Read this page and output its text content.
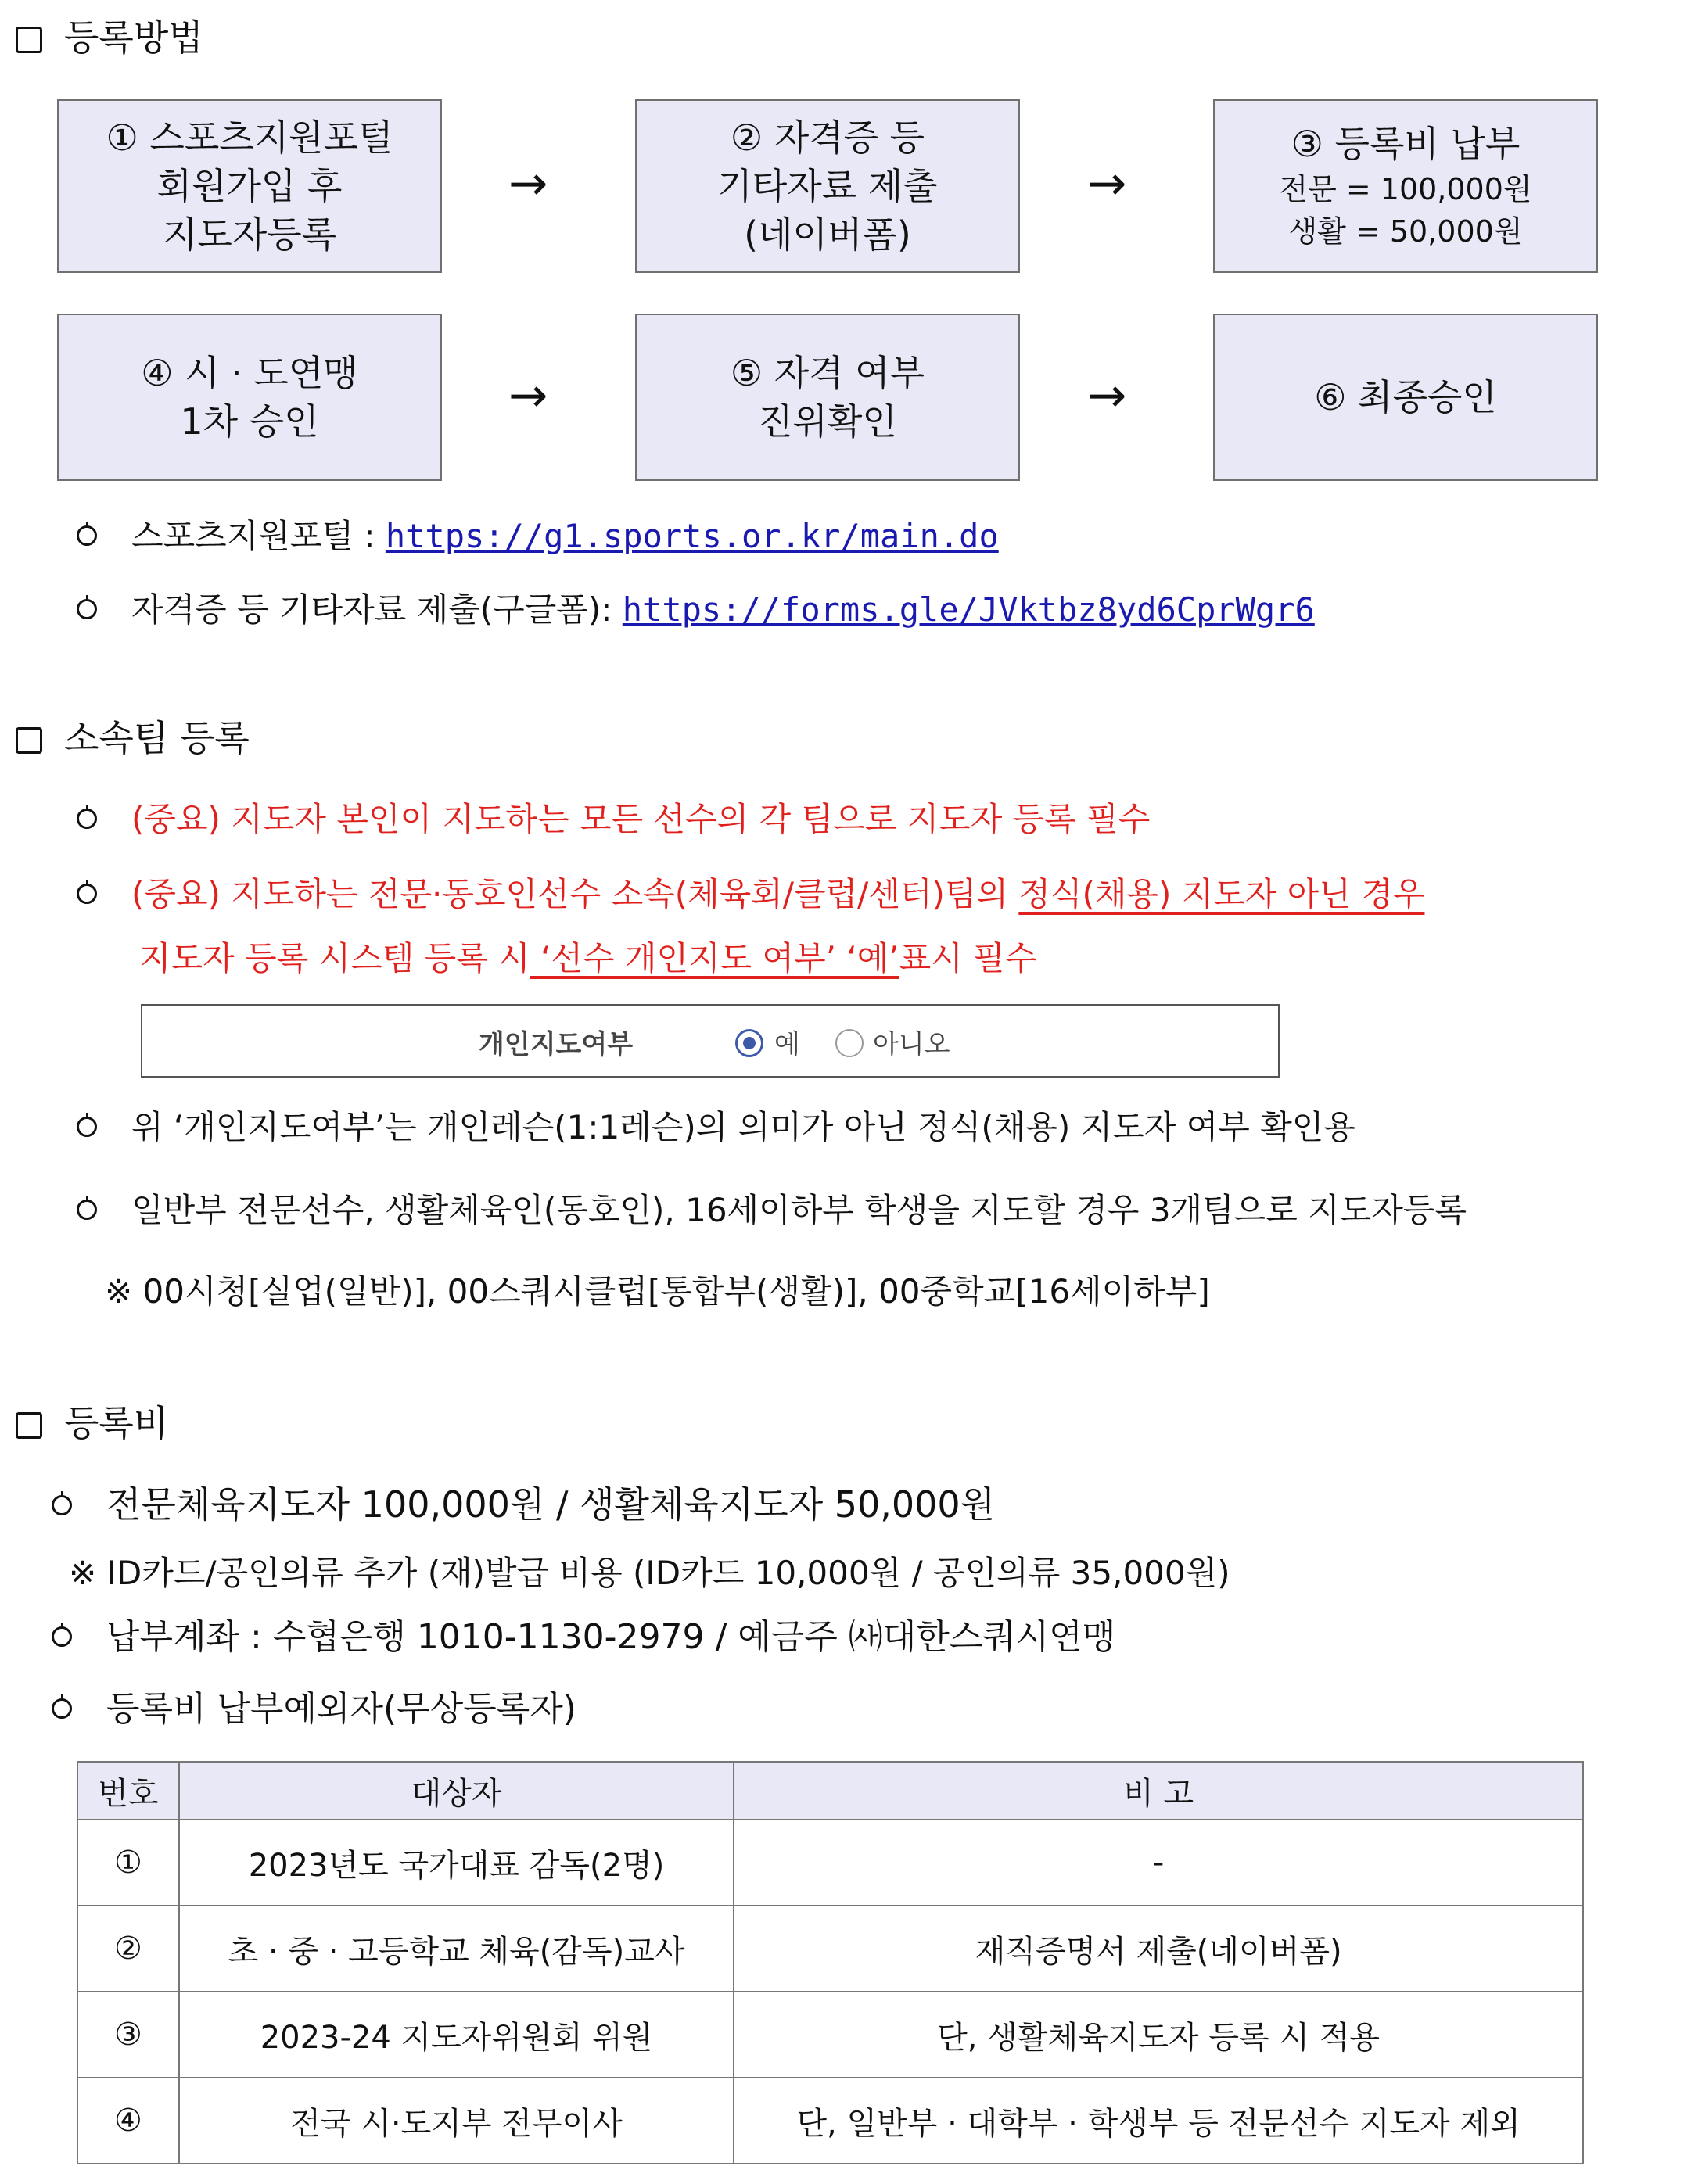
등록방법
① 스포츠지원포털
회원가입 후
지도자등록
→
② 자격증 등
기타자료 제출
(네이버폼)
→
③ 등록비 납부
전문 = 100,000원
생활 = 50,000원
④ 시 · 도연맹
1차 승인	→	⑤ 자격 여부
진위확인	→	⑥ 최종승인
스포츠지원포털 : https://g1.sports.or.kr/main.do
자격증 등 기타자료 제출(구글폼): https://forms.gle/JVktbz8yd6CprWgr6
소속팀 등록
(중요) 지도자 본인이 지도하는 모든 선수의 각 팀으로 지도자 등록 필수
(중요) 지도하는 전문·동호인선수 소속(체육회/클럽/센터)팀의 정식(채용) 지도자 아닌 경우
지도자 등록 시스템 등록 시 ‘선수 개인지도 여부’ ‘예’표시 필수
개인지도여부	예	아니오
위 ‘개인지도여부’는 개인레슨(1:1레슨)의 의미가 아닌 정식(채용) 지도자 여부 확인용
일반부 전문선수, 생활체육인(동호인), 16세이하부 학생을 지도할 경우 3개팀으로 지도자등록
※ 00시청[실업(일반)], 00스쿼시클럽[통합부(생활)], 00중학교[16세이하부]
등록비
전문체육지도자 100,000원 / 생활체육지도자 50,000원
※ ID카드/공인의류 추가 (재)발급 비용 (ID카드 10,000원 / 공인의류 35,000원)
납부계좌 : 수협은행 1010-1130-2979 / 예금주 ㈔대한스쿼시연맹
등록비 납부예외자(무상등록자)
번호	대상자	비 고
①	2023년도 국가대표 감독(2명)	-
②	초 · 중 · 고등학교 체육(감독)교사	재직증명서 제출(네이버폼)
③	2023-24 지도자위원회 위원	단, 생활체육지도자 등록 시 적용
④	전국 시·도지부 전무이사	단, 일반부 · 대학부 · 학생부 등 전문선수 지도자 제외
